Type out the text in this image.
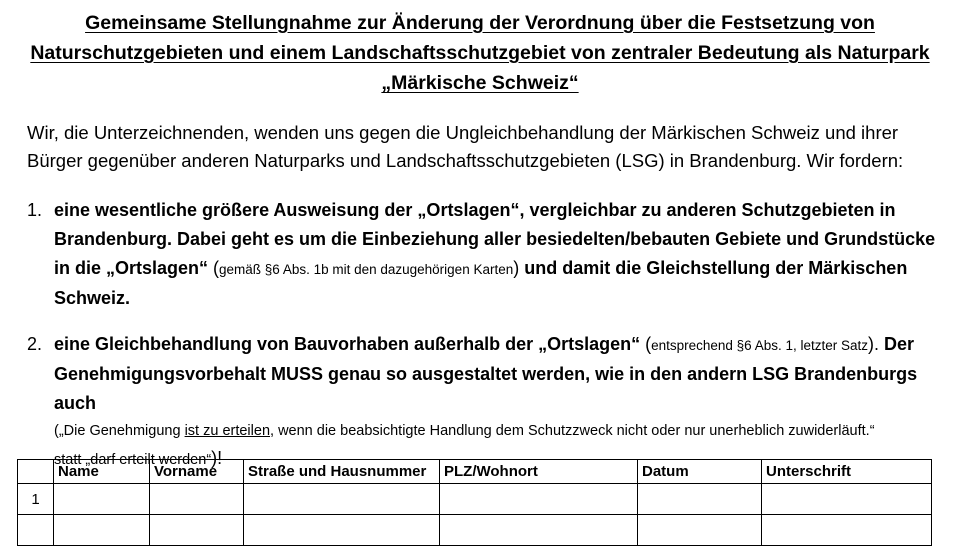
Gemeinsame Stellungnahme zur Änderung der Verordnung über die Festsetzung von
Naturschutzgebieten und einem Landschaftsschutzgebiet von zentraler Bedeutung als Naturpark
„Märkische Schweiz“
Wir, die Unterzeichnenden, wenden uns gegen die Ungleichbehandlung der Märkischen Schweiz und ihrer
Bürger gegenüber anderen Naturparks und Landschaftsschutzgebieten (LSG) in Brandenburg. Wir fordern:
1. eine wesentliche größere Ausweisung der „Ortslagen“, vergleichbar zu anderen Schutzgebieten in
Brandenburg. Dabei geht es um die Einbeziehung aller besiedelten/bebauten Gebiete und Grundstücke
in die „Ortslagen“ (gemäß §6 Abs. 1b mit den dazugehörigen Karten) und damit die Gleichstellung der Märkischen
Schweiz.
2. eine Gleichbehandlung von Bauvorhaben außerhalb der „Ortslagen“ (entsprechend §6 Abs. 1, letzter Satz). Der
Genehmigungsvorbehalt MUSS genau so ausgestaltet werden, wie in den andern LSG Brandenburgs auch
(„Die Genehmigung ist zu erteilen, wenn die beabsichtigte Handlung dem Schutzzweck nicht oder nur unerheblich zuwiderläuft.“
statt „darf erteilt werden“)!
	Name	Vorname	Straße und Hausnummer	PLZ/Wohnort	Datum	Unterschrift
1						
